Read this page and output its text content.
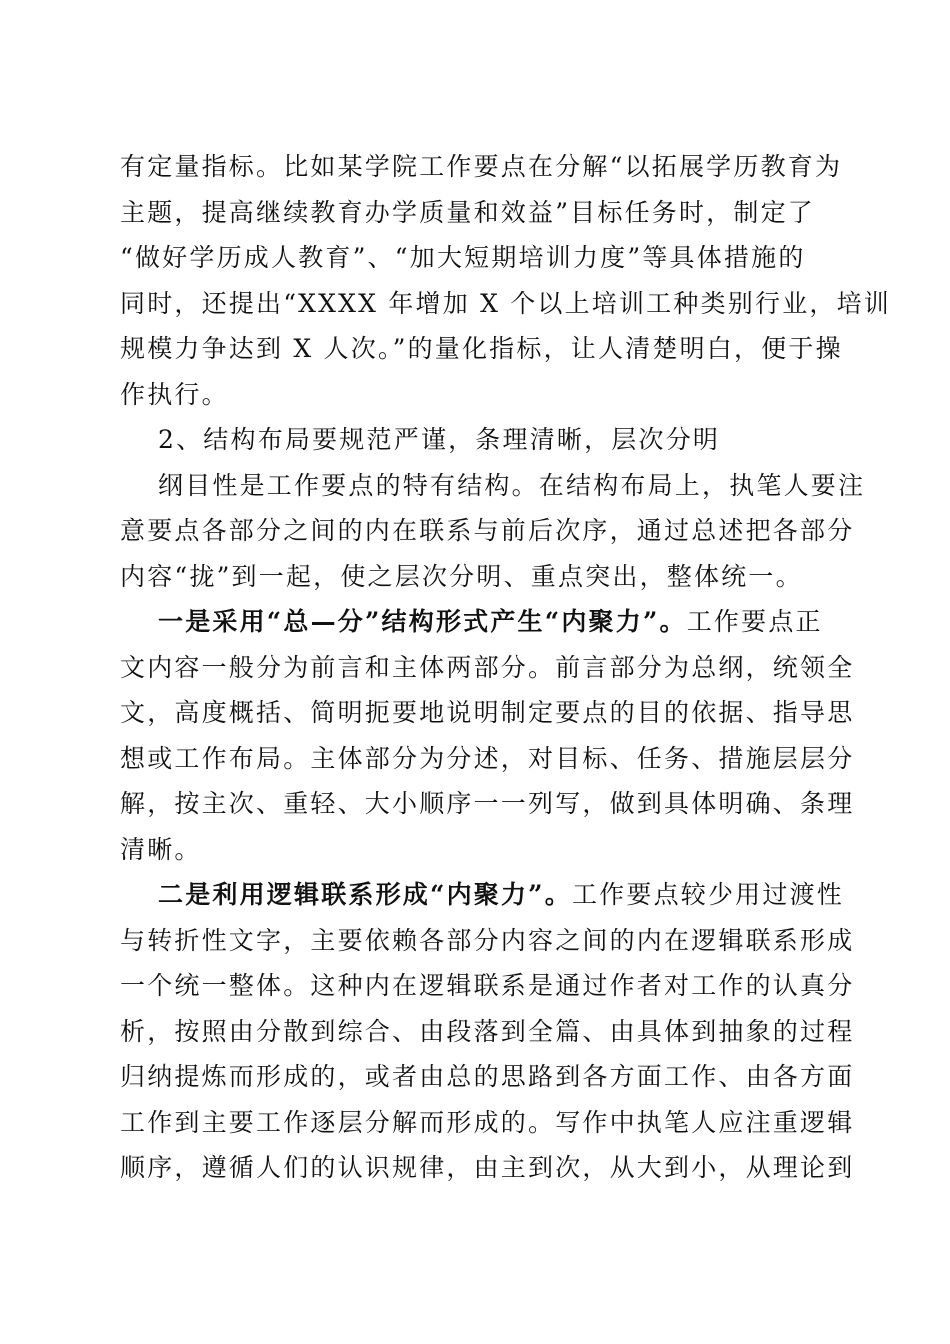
有定量指标。比如某学院工作要点在分解“以拓展学历教育为
主题，提高继续教育办学质量和效益”目标任务时，制定了
“做好学历成人教育”、“加大短期培训力度”等具体措施的
同时，还提出“XXXX 年增加 X 个以上培训工种类别行业，培训
规模力争达到 X 人次。”的量化指标，让人清楚明白，便于操
作执行。
2、结构布局要规范严谨，条理清晰，层次分明
纲目性是工作要点的特有结构。在结构布局上，执笔人要注
意要点各部分之间的内在联系与前后次序，通过总述把各部分
内容“拢”到一起，使之层次分明、重点突出，整体统一。
一是采用“总—分”结构形式产生“内聚力”。工作要点正
文内容一般分为前言和主体两部分。前言部分为总纲，统领全
文，高度概括、简明扼要地说明制定要点的目的依据、指导思
想或工作布局。主体部分为分述，对目标、任务、措施层层分
解，按主次、重轻、大小顺序一一列写，做到具体明确、条理
清晰。
二是利用逻辑联系形成“内聚力”。工作要点较少用过渡性
与转折性文字，主要依赖各部分内容之间的内在逻辑联系形成
一个统一整体。这种内在逻辑联系是通过作者对工作的认真分
析，按照由分散到综合、由段落到全篇、由具体到抽象的过程
归纳提炼而形成的，或者由总的思路到各方面工作、由各方面
工作到主要工作逐层分解而形成的。写作中执笔人应注重逻辑
顺序，遵循人们的认识规律，由主到次，从大到小，从理论到
